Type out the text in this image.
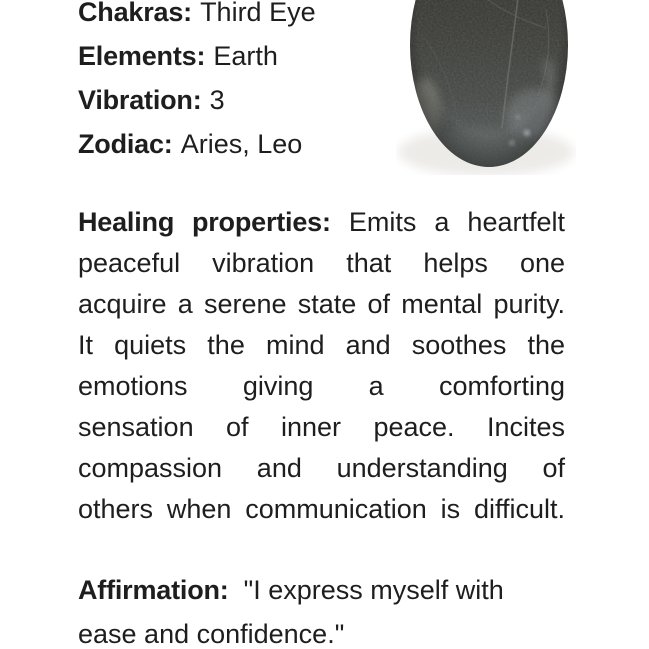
Chakras: Third Eye
Elements: Earth
Vibration: 3
Zodiac: Aries, Leo
Healing properties: Emits a heartfelt
peaceful vibration that helps one
acquire a serene state of mental purity.
It quiets the mind and soothes the
emotions giving a comforting
sensation of inner peace. Incites
compassion and understanding of
others when communication is difficult.
Affirmation: "I express myself with
ease and confidence."
